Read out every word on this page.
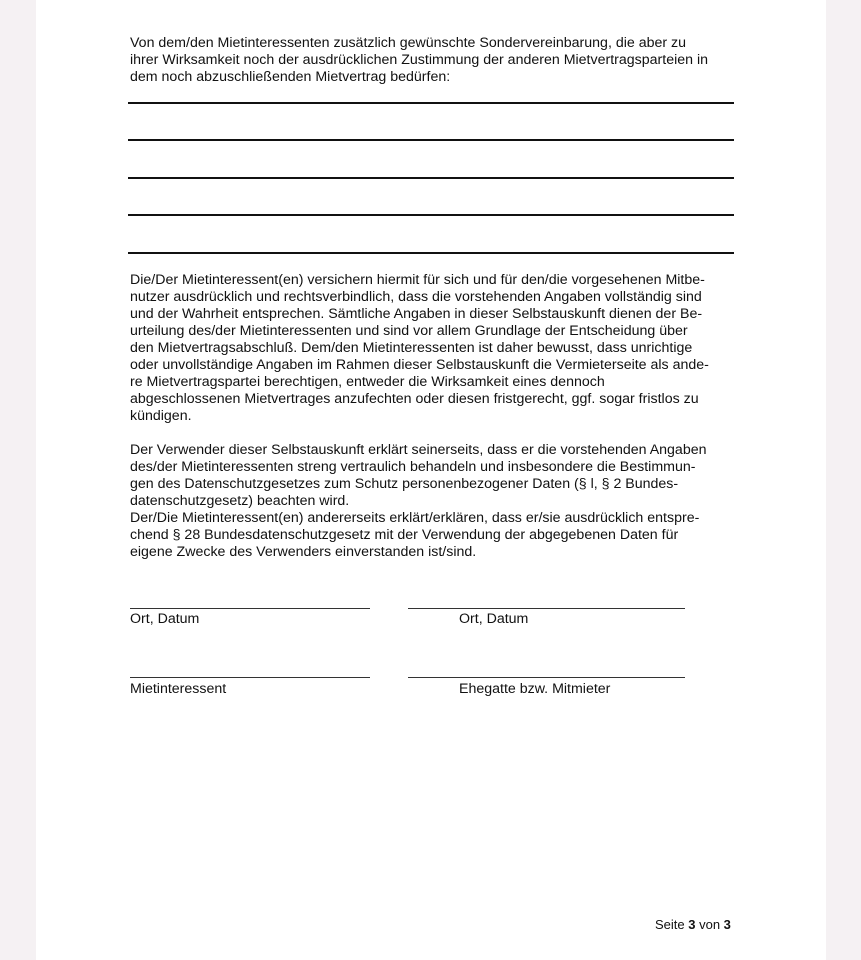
Von dem/den Mietinteressenten zusätzlich gewünschte Sondervereinbarung, die aber zu
ihrer Wirksamkeit noch der ausdrücklichen Zustimmung der anderen Mietvertragsparteien in
dem noch abzuschließenden Mietvertrag bedürfen:
Die/Der Mietinteressent(en) versichern hiermit für sich und für den/die vorgesehenen Mitbe-
nutzer ausdrücklich und rechtsverbindlich, dass die vorstehenden Angaben vollständig sind
und der Wahrheit entsprechen. Sämtliche Angaben in dieser Selbstauskunft dienen der Be-
urteilung des/der Mietinteressenten und sind vor allem Grundlage der Entscheidung über
den Mietvertragsabschluß. Dem/den Mietinteressenten ist daher bewusst, dass unrichtige
oder unvollständige Angaben im Rahmen dieser Selbstauskunft die Vermieterseite als ande-
re Mietvertragspartei berechtigen, entweder die Wirksamkeit eines dennoch
abgeschlossenen Mietvertrages anzufechten oder diesen fristgerecht, ggf. sogar fristlos zu
kündigen.
Der Verwender dieser Selbstauskunft erklärt seinerseits, dass er die vorstehenden Angaben
des/der Mietinteressenten streng vertraulich behandeln und insbesondere die Bestimmun-
gen des Datenschutzgesetzes zum Schutz personenbezogener Daten (§ l, § 2 Bundes-
datenschutzgesetz) beachten wird.
Der/Die Mietinteressent(en) andererseits erklärt/erklären, dass er/sie ausdrücklich entspre-
chend § 28 Bundesdatenschutzgesetz mit der Verwendung der abgegebenen Daten für
eigene Zwecke des Verwenders einverstanden ist/sind.
Ort, Datum	Ort, Datum
Mietinteressent	Ehegatte bzw. Mitmieter
Seite 3 von 3
